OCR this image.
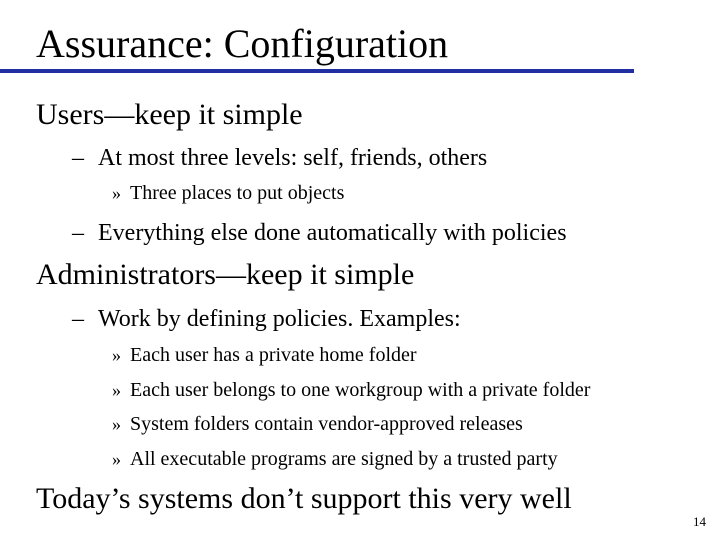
Assurance: Configuration
Users—keep it simple
– At most three levels: self, friends, others
» Three places to put objects
– Everything else done automatically with policies
Administrators—keep it simple
– Work by defining policies. Examples:
» Each user has a private home folder
» Each user belongs to one workgroup with a private folder
» System folders contain vendor-approved releases
» All executable programs are signed by a trusted party
Today’s systems don’t support this very well
14
